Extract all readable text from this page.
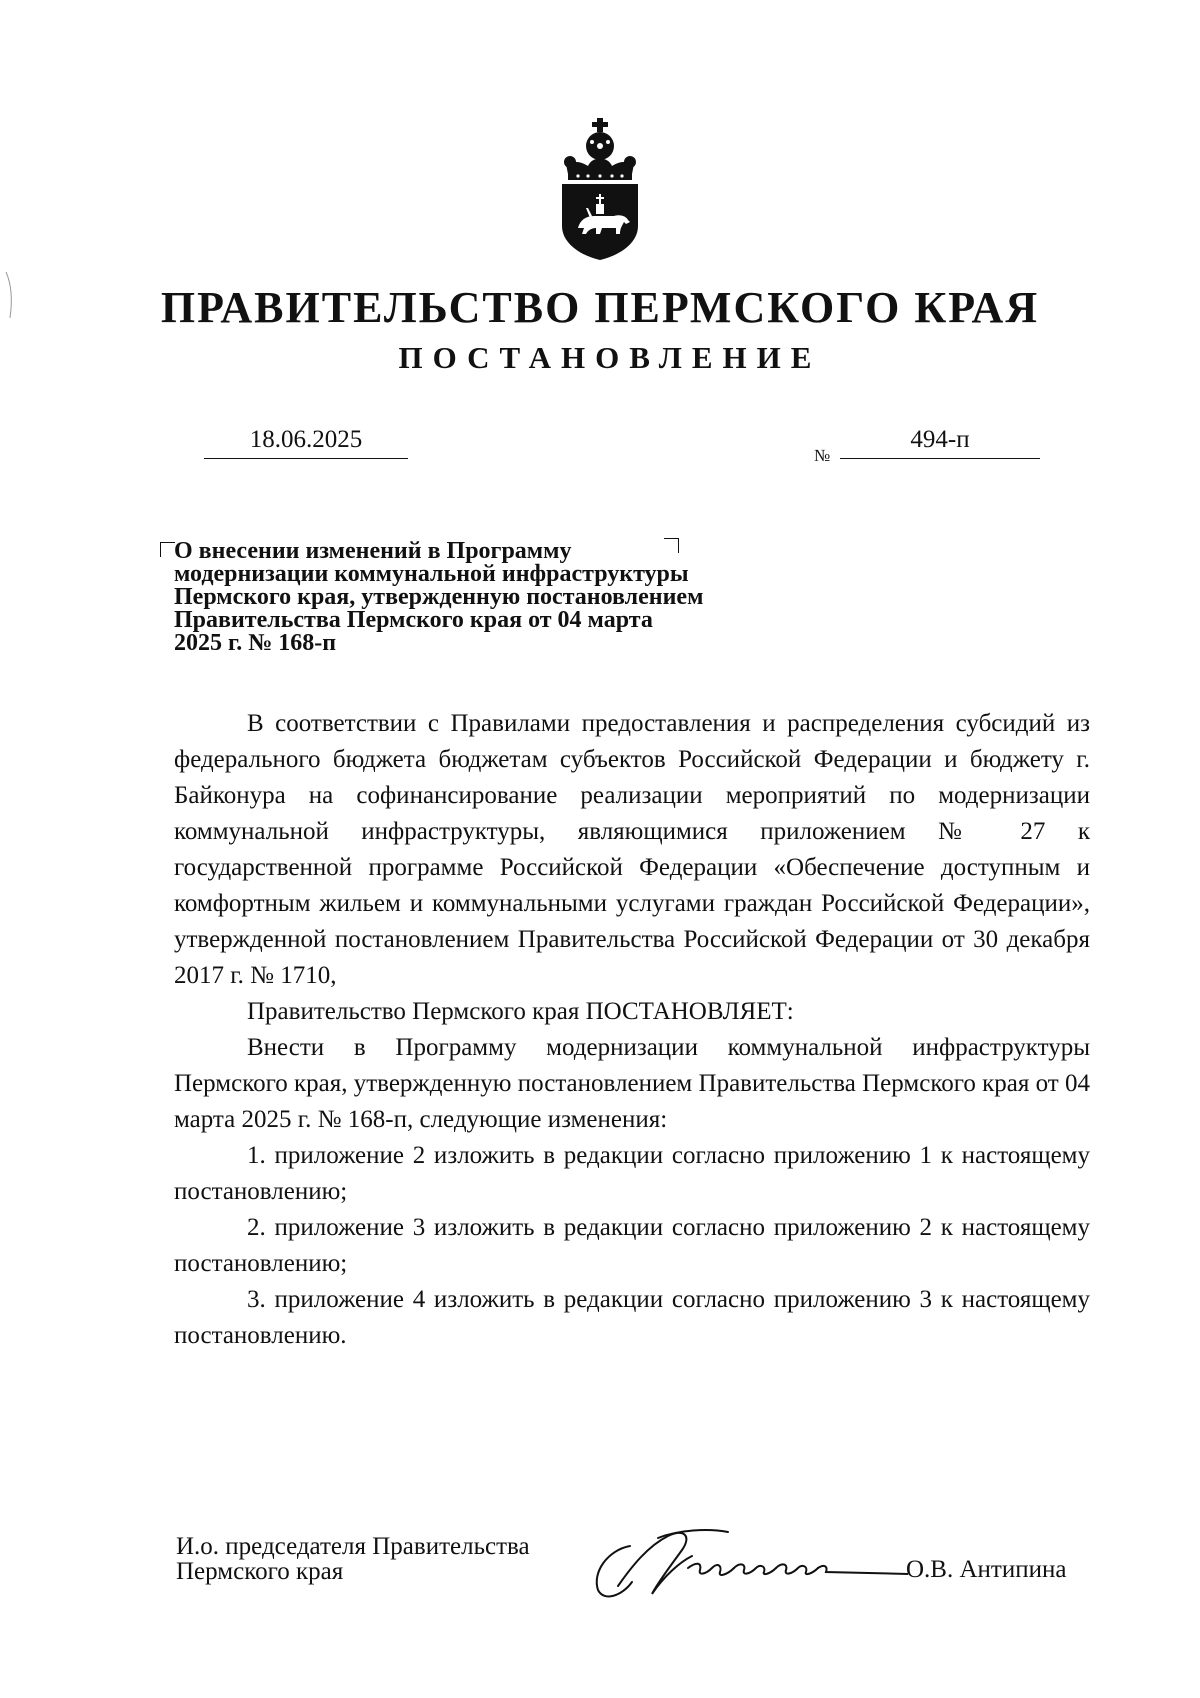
ПРАВИТЕЛЬСТВО ПЕРМСКОГО КРАЯ
ПОСТАНОВЛЕНИЕ
18.06.2025
№
494-п
О внесении изменений в Программу
модернизации коммунальной инфраструктуры
Пермского края, утвержденную постановлением
Правительства Пермского края от 04 марта
2025 г. № 168-п

В соответствии с Правилами предоставления и распределения субсидий из федерального бюджета бюджетам субъектов Российской Федерации и бюджету г. Байконура на софинансирование реализации мероприятий по модернизации коммунальной инфраструктуры, являющимися приложением № 27 к государственной программе Российской Федерации «Обеспечение доступным и комфортным жильем и коммунальными услугами граждан Российской Федерации», утвержденной постановлением Правительства Российской Федерации от 30 декабря 2017 г. № 1710,

Правительство Пермского края ПОСТАНОВЛЯЕТ:

Внести в Программу модернизации коммунальной инфраструктуры Пермского края, утвержденную постановлением Правительства Пермского края от 04 марта 2025 г. № 168-п, следующие изменения:

1. приложение 2 изложить в редакции согласно приложению 1 к настоящему постановлению;

2. приложение 3 изложить в редакции согласно приложению 2 к настоящему постановлению;

3. приложение 4 изложить в редакции согласно приложению 3 к настоящему постановлению.

И.о. председателя Правительства
Пермского края	О.В. Антипина
